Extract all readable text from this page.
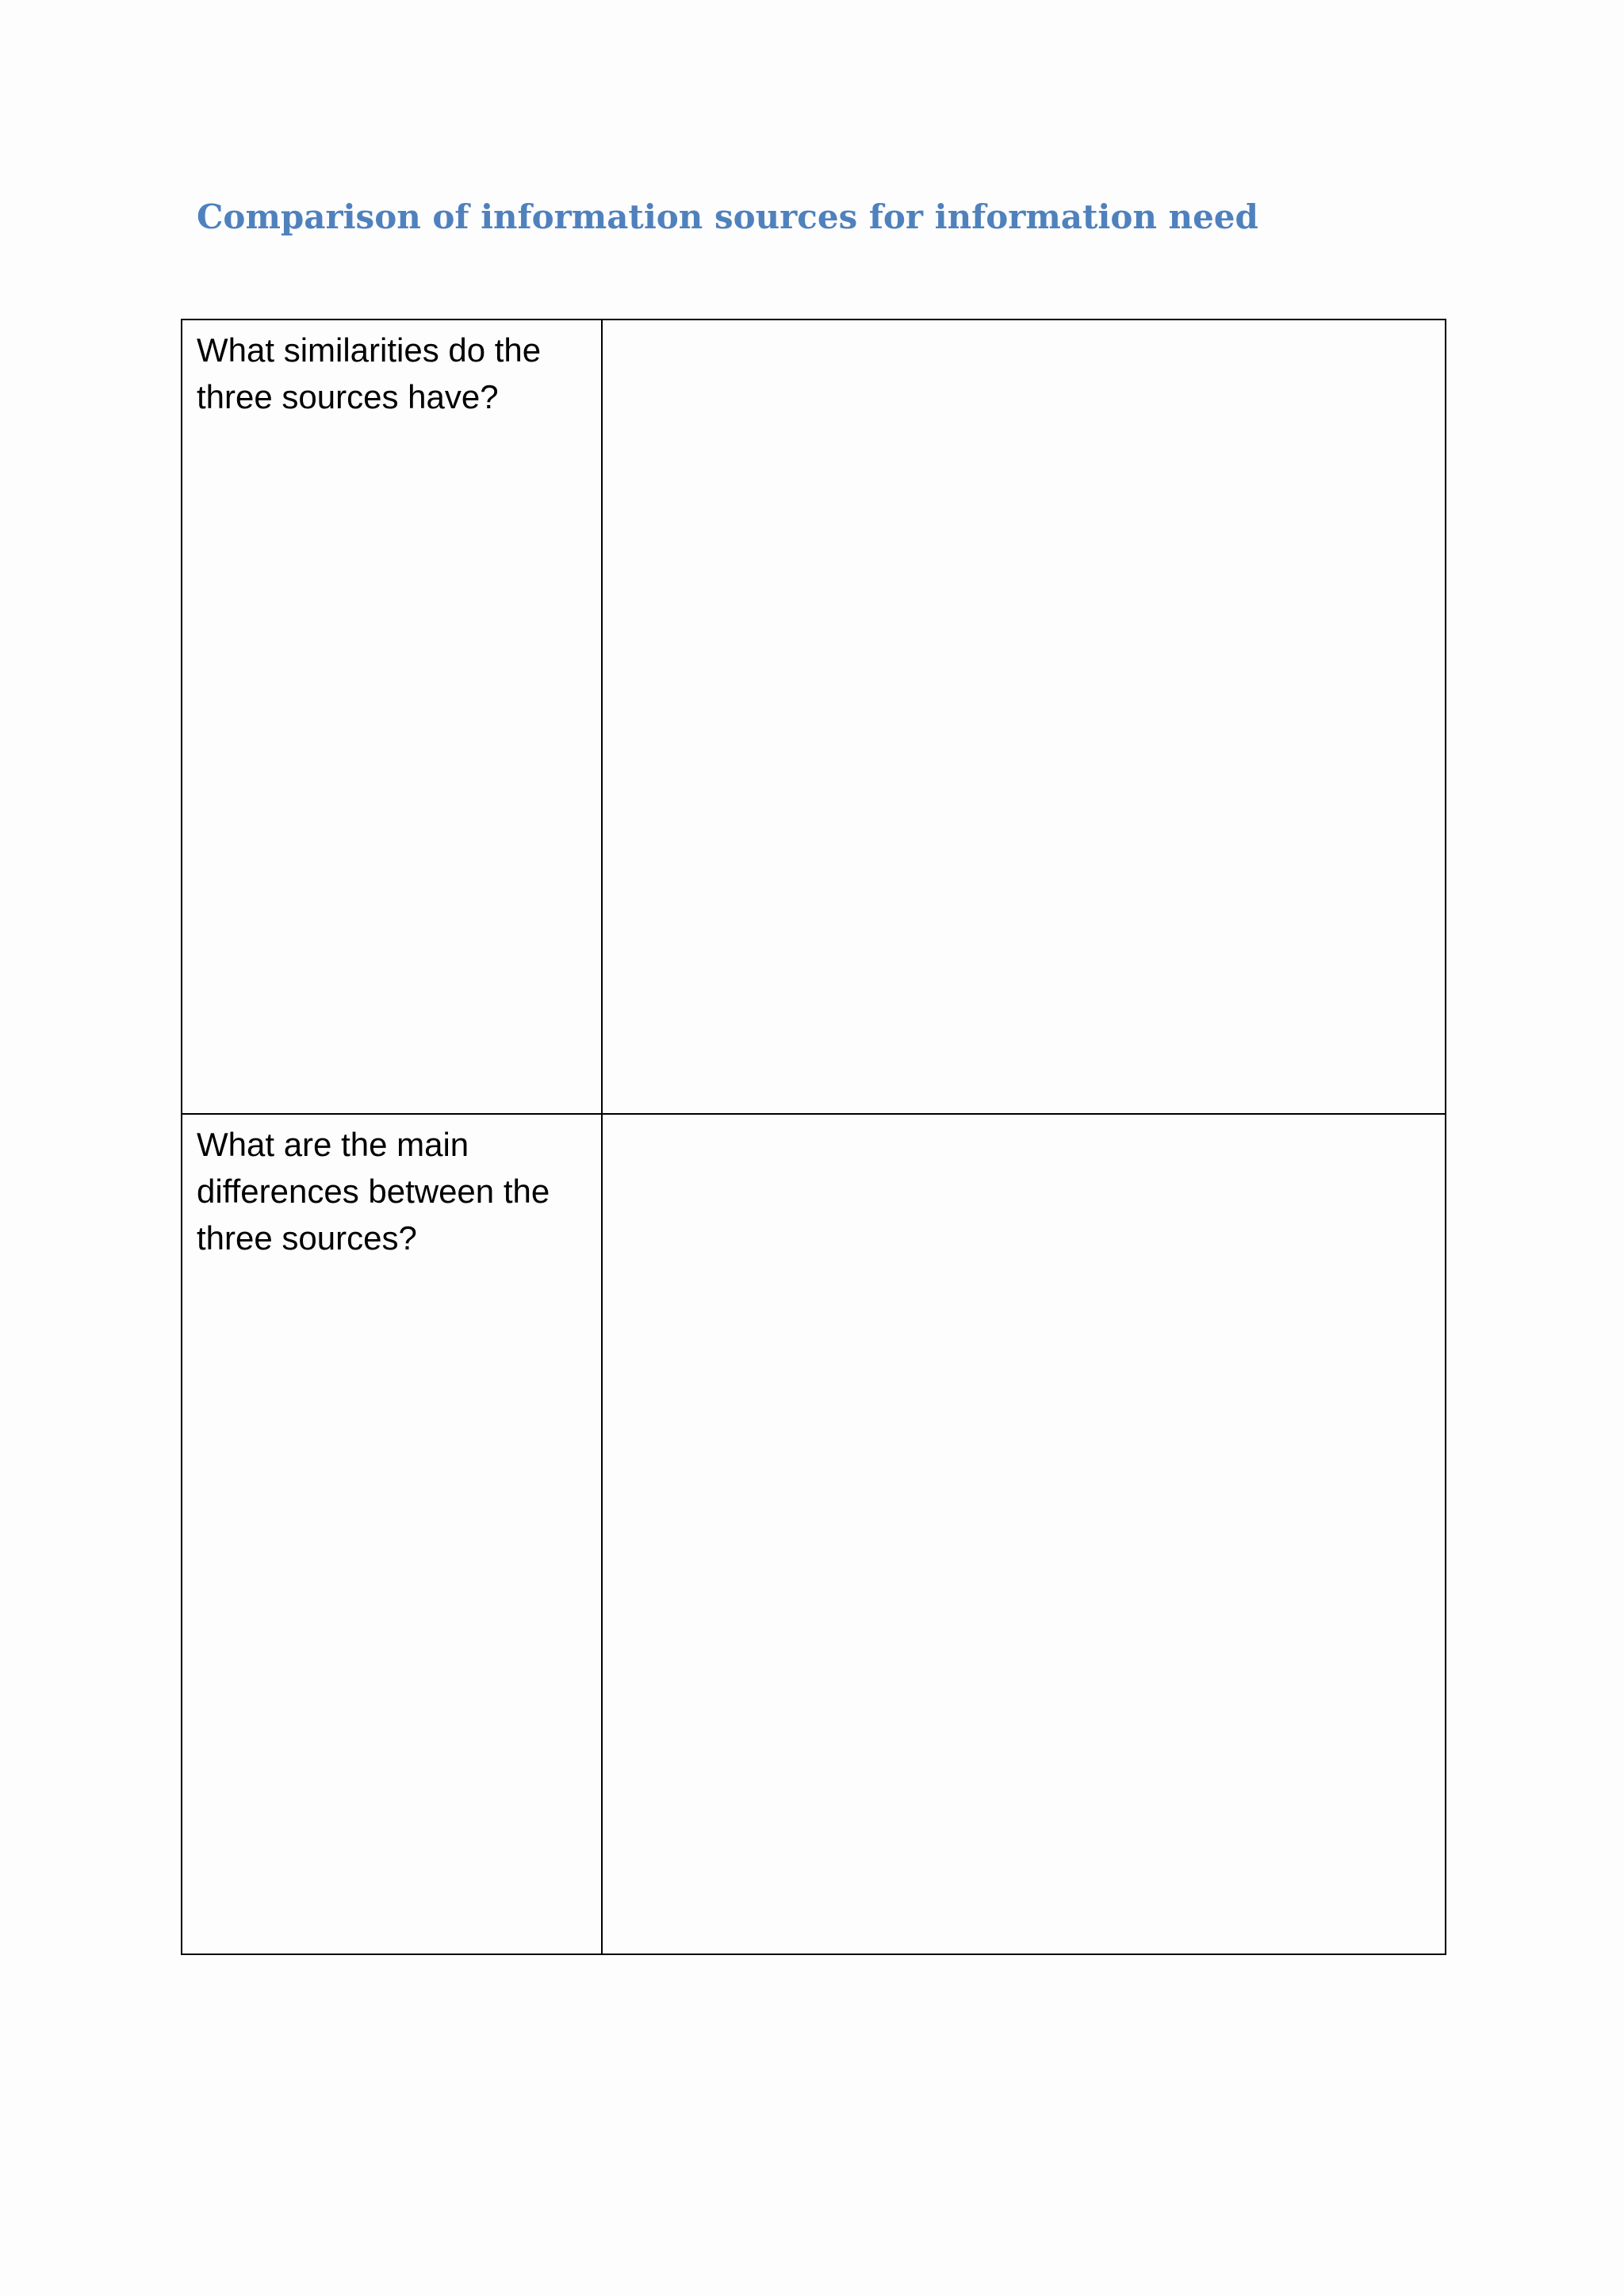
Comparison of information sources for information need
What similarities do the three sources have?	

What are the main differences between the three sources?	
